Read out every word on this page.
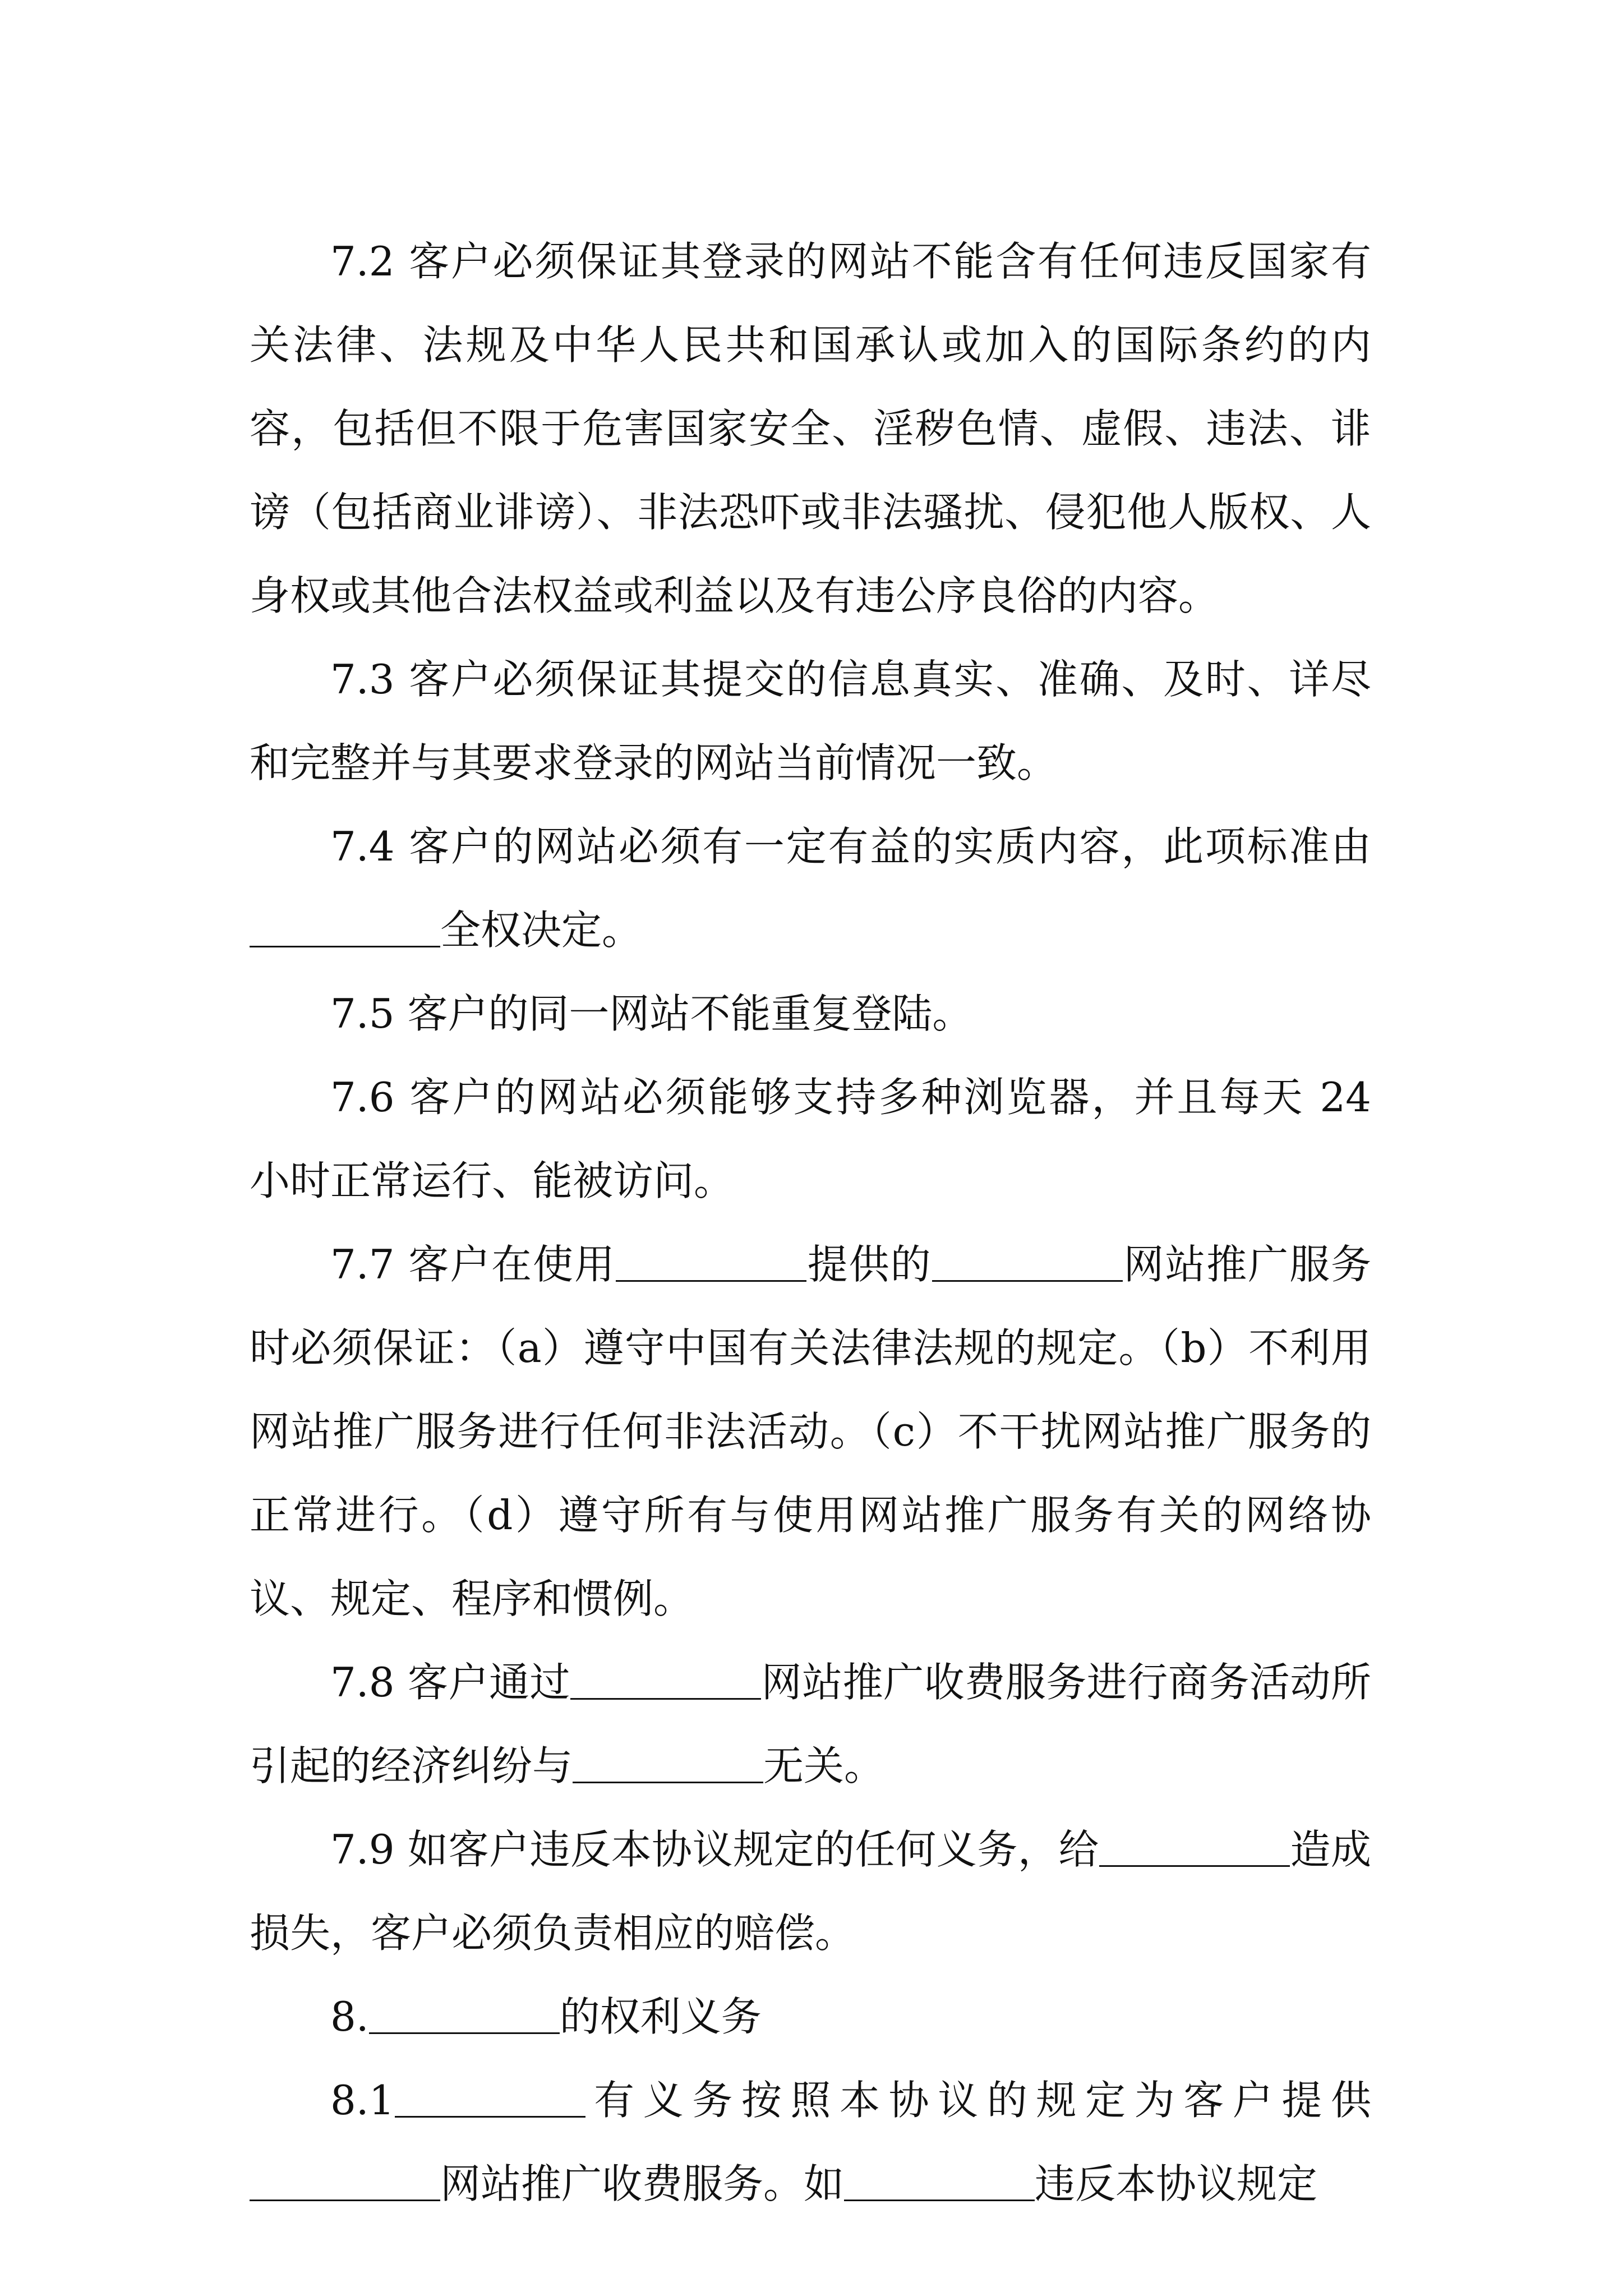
7.2 客户必须保证其登录的网站不能含有任何违反国家有关法律、法规及中华人民共和国承认或加入的国际条约的内容，包括但不限于危害国家安全、淫秽色情、虚假、违法、诽谤（包括商业诽谤）、非法恐吓或非法骚扰、侵犯他人版权、人身权或其他合法权益或利益以及有违公序良俗的内容。

7.3 客户必须保证其提交的信息真实、准确、及时、详尽和完整并与其要求登录的网站当前情况一致。

7.4 客户的网站必须有一定有益的实质内容，此项标准由全权决定。

7.5 客户的同一网站不能重复登陆。

7.6 客户的网站必须能够支持多种浏览器，并且每天 24 小时正常运行、能被访问。

7.7 客户在使用	提供的	网站推广服务时必须保证：（a）遵守中国有关法律法规的规定。（b）不利用网站推广服务进行任何非法活动。（c）不干扰网站推广服务的正常进行。（d）遵守所有与使用网站推广服务有关的网络协议、规定、程序和惯例。

7.8 客户通过	网站推广收费服务进行商务活动所引起的经济纠纷与	无关。

7.9 如客户违反本协议规定的任何义务，给	造成损失，客户必须负责相应的赔偿。

8.	的权利义务

8.1	有义务按照本协议的规定为客户提供网站推广收费服务。如	违反本协议规定
